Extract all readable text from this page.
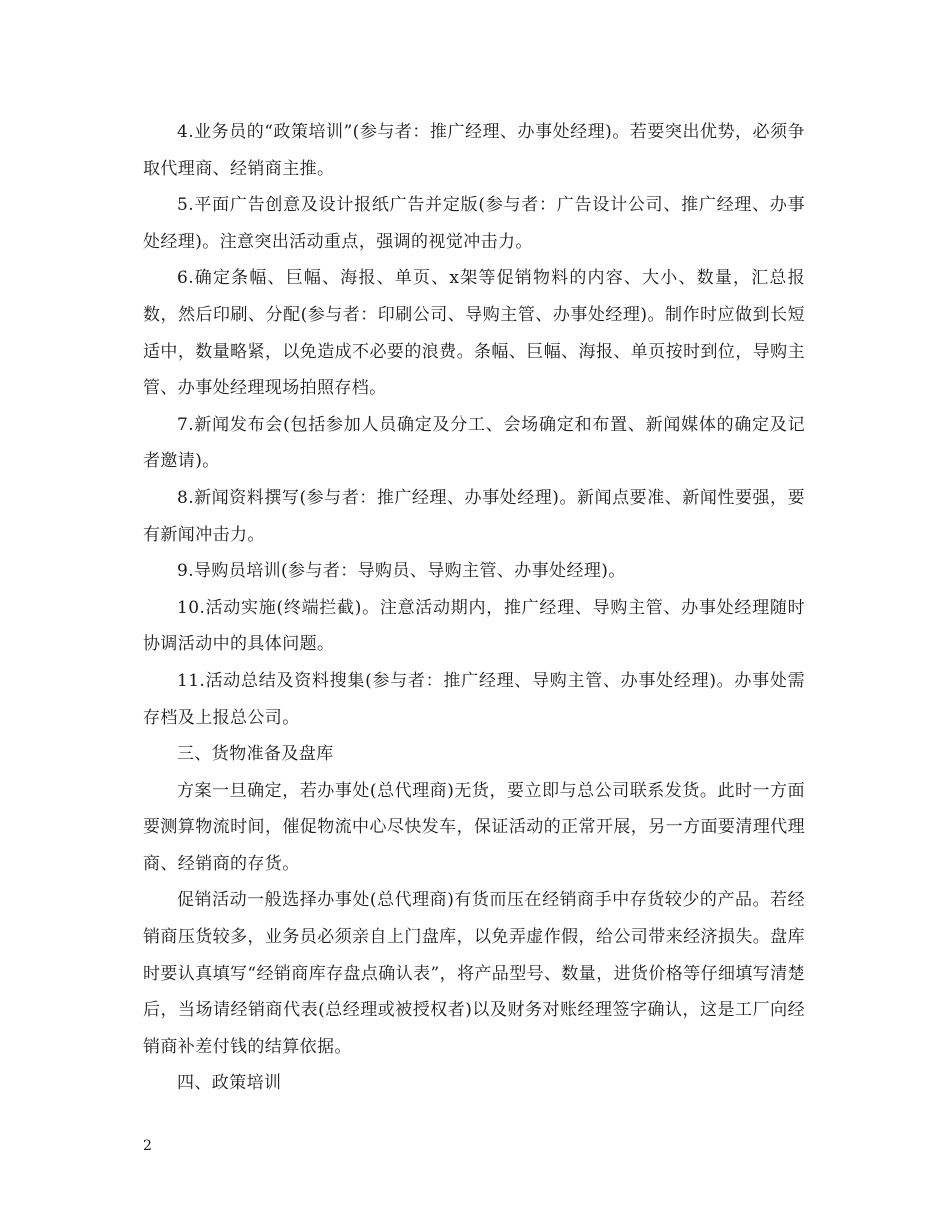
4.业务员的“政策培训”(参与者：推广经理、办事处经理)。若要突出优势，必须争取代理商、经销商主推。

5.平面广告创意及设计报纸广告并定版(参与者：广告设计公司、推广经理、办事处经理)。注意突出活动重点，强调的视觉冲击力。

6.确定条幅、巨幅、海报、单页、x架等促销物料的内容、大小、数量，汇总报数，然后印刷、分配(参与者：印刷公司、导购主管、办事处经理)。制作时应做到长短适中，数量略紧，以免造成不必要的浪费。条幅、巨幅、海报、单页按时到位，导购主管、办事处经理现场拍照存档。

7.新闻发布会(包括参加人员确定及分工、会场确定和布置、新闻媒体的确定及记者邀请)。

8.新闻资料撰写(参与者：推广经理、办事处经理)。新闻点要准、新闻性要强，要有新闻冲击力。

9.导购员培训(参与者：导购员、导购主管、办事处经理)。

10.活动实施(终端拦截)。注意活动期内，推广经理、导购主管、办事处经理随时协调活动中的具体问题。

11.活动总结及资料搜集(参与者：推广经理、导购主管、办事处经理)。办事处需存档及上报总公司。

三、货物准备及盘库

方案一旦确定，若办事处(总代理商)无货，要立即与总公司联系发货。此时一方面要测算物流时间，催促物流中心尽快发车，保证活动的正常开展，另一方面要清理代理商、经销商的存货。

促销活动一般选择办事处(总代理商)有货而压在经销商手中存货较少的产品。若经销商压货较多，业务员必须亲自上门盘库，以免弄虚作假，给公司带来经济损失。盘库时要认真填写“经销商库存盘点确认表”，将产品型号、数量，进货价格等仔细填写清楚后，当场请经销商代表(总经理或被授权者)以及财务对账经理签字确认，这是工厂向经销商补差付钱的结算依据。

四、政策培训

2
